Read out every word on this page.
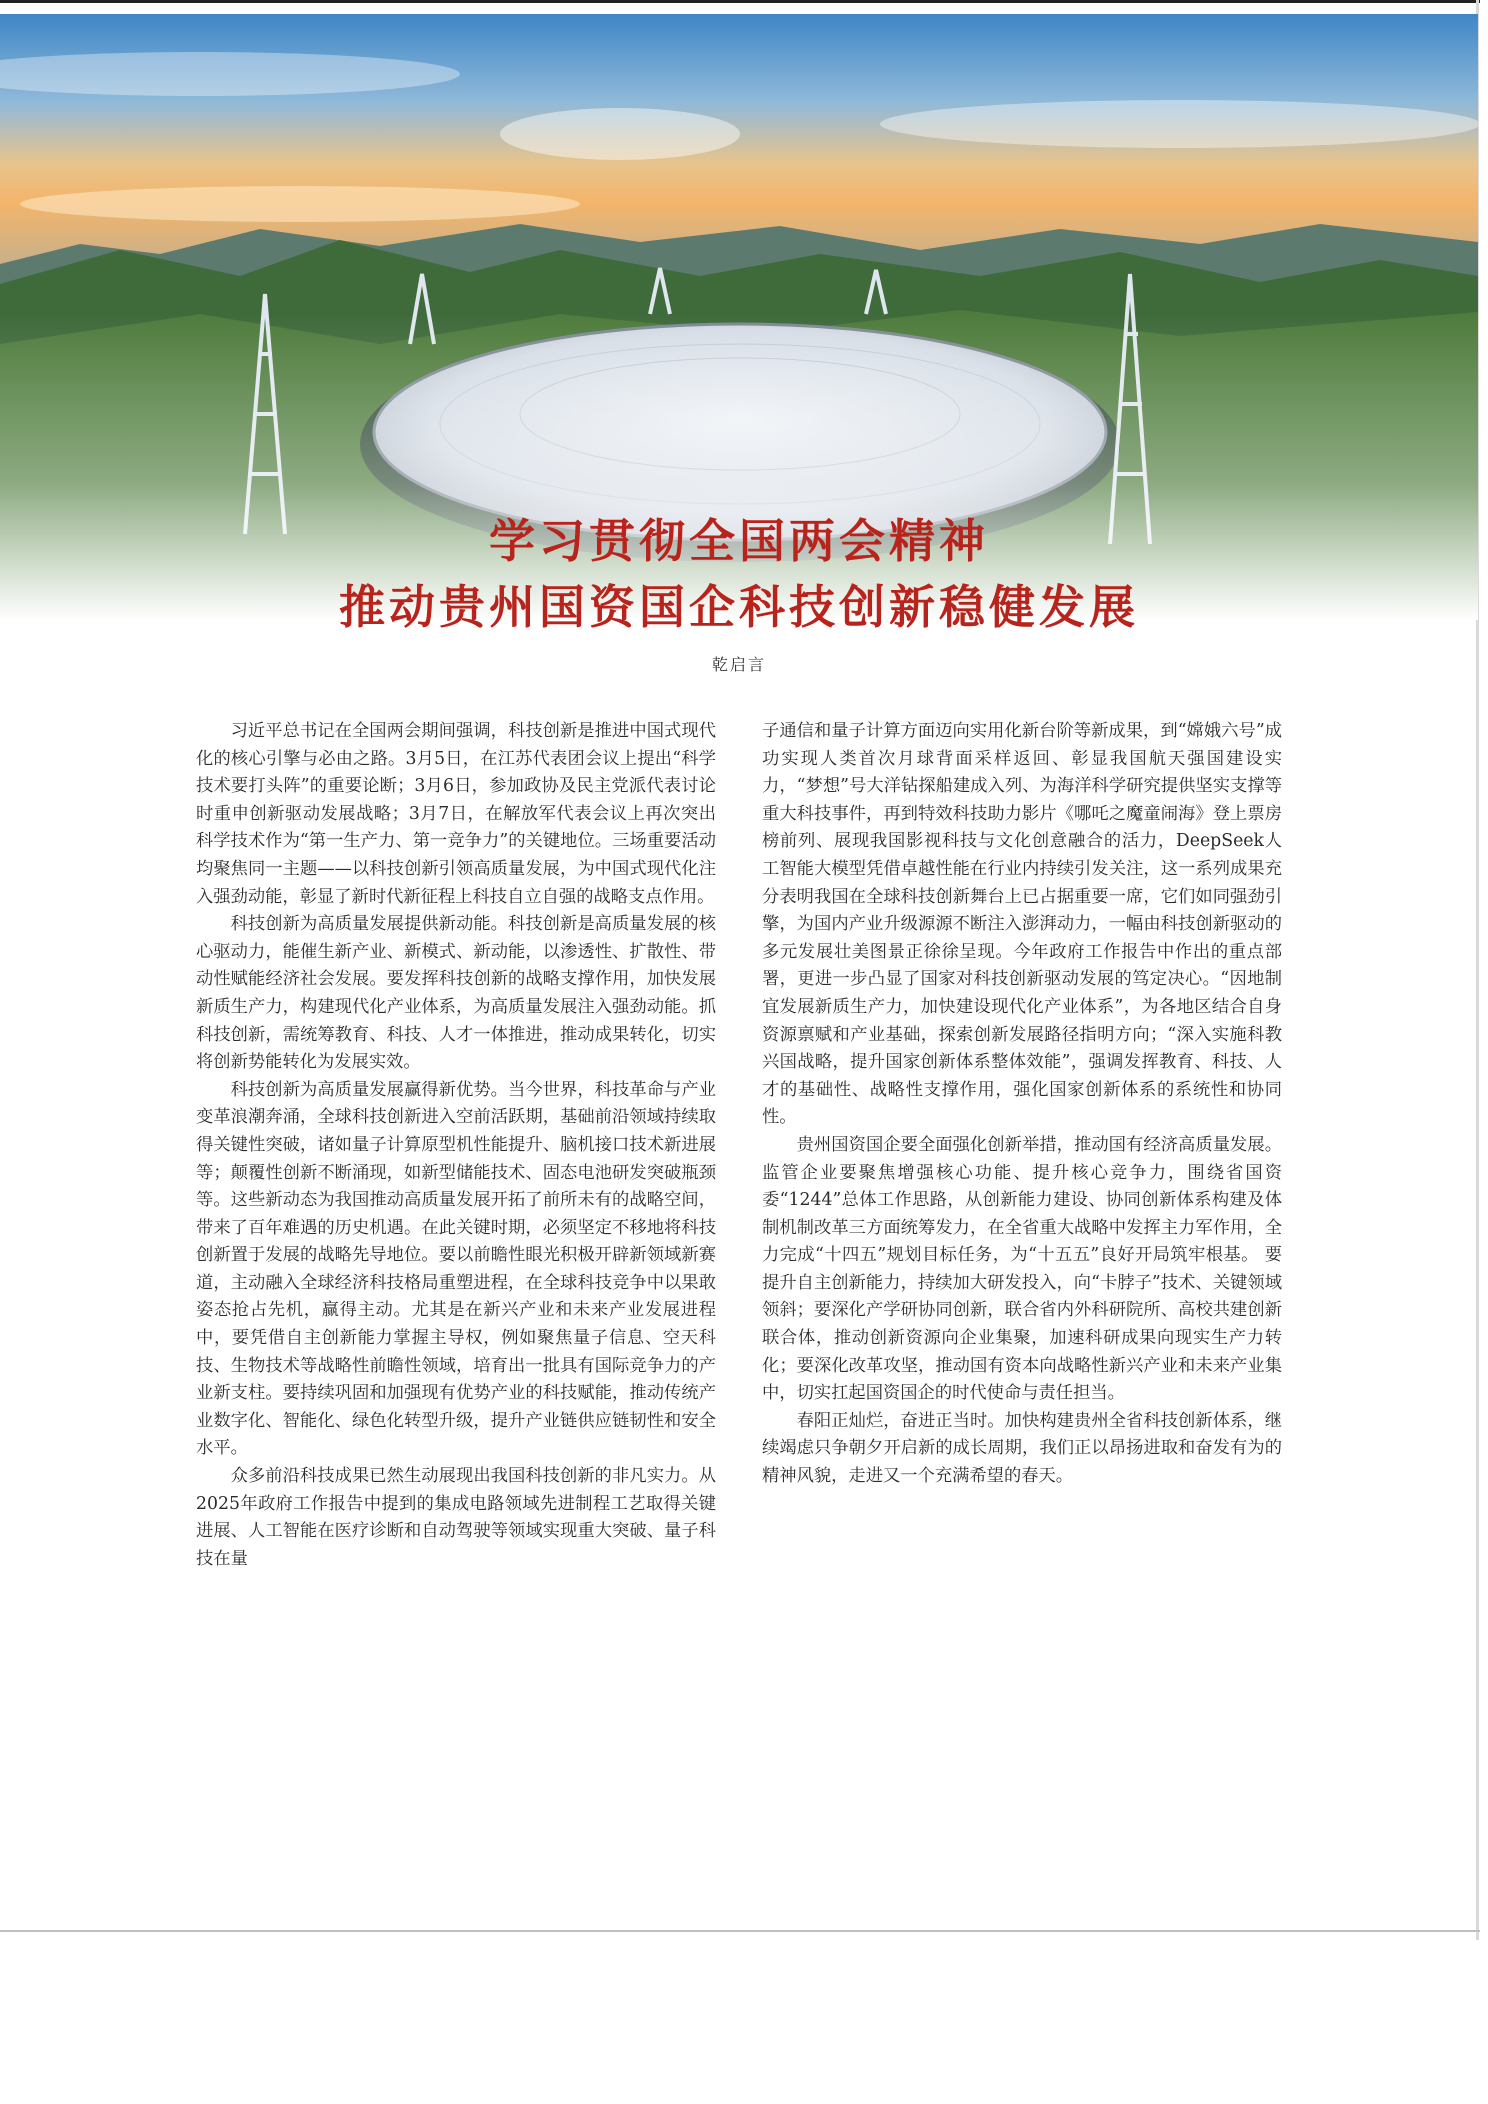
学习贯彻全国两会精神
推动贵州国资国企科技创新稳健发展
乾启言

习近平总书记在全国两会期间强调，科技创新是推进中国式现代化的核心引擎与必由之路。3月5日，在江苏代表团会议上提出“科学技术要打头阵”的重要论断；3月6日，参加政协及民主党派代表讨论时重申创新驱动发展战略；3月7日，在解放军代表会议上再次突出科学技术作为“第一生产力、第一竞争力”的关键地位。三场重要活动均聚焦同一主题——以科技创新引领高质量发展，为中国式现代化注入强劲动能，彰显了新时代新征程上科技自立自强的战略支点作用。

科技创新为高质量发展提供新动能。科技创新是高质量发展的核心驱动力，能催生新产业、新模式、新动能，以渗透性、扩散性、带动性赋能经济社会发展。要发挥科技创新的战略支撑作用，加快发展新质生产力，构建现代化产业体系，为高质量发展注入强劲动能。抓科技创新，需统筹教育、科技、人才一体推进，推动成果转化，切实将创新势能转化为发展实效。

科技创新为高质量发展赢得新优势。当今世界，科技革命与产业变革浪潮奔涌，全球科技创新进入空前活跃期，基础前沿领域持续取得关键性突破，诸如量子计算原型机性能提升、脑机接口技术新进展等；颠覆性创新不断涌现，如新型储能技术、固态电池研发突破瓶颈等。这些新动态为我国推动高质量发展开拓了前所未有的战略空间，带来了百年难遇的历史机遇。在此关键时期，必须坚定不移地将科技创新置于发展的战略先导地位。要以前瞻性眼光积极开辟新领域新赛道，主动融入全球经济科技格局重塑进程，在全球科技竞争中以果敢姿态抢占先机，赢得主动。尤其是在新兴产业和未来产业发展进程中，要凭借自主创新能力掌握主导权，例如聚焦量子信息、空天科技、生物技术等战略性前瞻性领域，培育出一批具有国际竞争力的产业新支柱。要持续巩固和加强现有优势产业的科技赋能，推动传统产业数字化、智能化、绿色化转型升级，提升产业链供应链韧性和安全水平。

众多前沿科技成果已然生动展现出我国科技创新的非凡实力。从2025年政府工作报告中提到的集成电路领域先进制程工艺取得关键进展、人工智能在医疗诊断和自动驾驶等领域实现重大突破、量子科技在量

子通信和量子计算方面迈向实用化新台阶等新成果，到“嫦娥六号”成功实现人类首次月球背面采样返回、彰显我国航天强国建设实力，“梦想”号大洋钻探船建成入列、为海洋科学研究提供坚实支撑等重大科技事件，再到特效科技助力影片《哪吒之魔童闹海》登上票房榜前列、展现我国影视科技与文化创意融合的活力，DeepSeek人工智能大模型凭借卓越性能在行业内持续引发关注，这一系列成果充分表明我国在全球科技创新舞台上已占据重要一席，它们如同强劲引擎，为国内产业升级源源不断注入澎湃动力，一幅由科技创新驱动的多元发展壮美图景正徐徐呈现。今年政府工作报告中作出的重点部署，更进一步凸显了国家对科技创新驱动发展的笃定决心。“因地制宜发展新质生产力，加快建设现代化产业体系”，为各地区结合自身资源禀赋和产业基础，探索创新发展路径指明方向；“深入实施科教兴国战略，提升国家创新体系整体效能”，强调发挥教育、科技、人才的基础性、战略性支撑作用，强化国家创新体系的系统性和协同性。

贵州国资国企要全面强化创新举措，推动国有经济高质量发展。监管企业要聚焦增强核心功能、提升核心竞争力，围绕省国资委“1244”总体工作思路，从创新能力建设、协同创新体系构建及体制机制改革三方面统筹发力，在全省重大战略中发挥主力军作用，全力完成“十四五”规划目标任务，为“十五五”良好开局筑牢根基。 要提升自主创新能力，持续加大研发投入，向“卡脖子”技术、关键领域领斜；要深化产学研协同创新，联合省内外科研院所、高校共建创新联合体，推动创新资源向企业集聚，加速科研成果向现实生产力转化；要深化改革攻坚，推动国有资本向战略性新兴产业和未来产业集中，切实扛起国资国企的时代使命与责任担当。

春阳正灿烂，奋进正当时。加快构建贵州全省科技创新体系，继续竭虑只争朝夕开启新的成长周期，我们正以昂扬进取和奋发有为的精神风貌，走进又一个充满希望的春天。
